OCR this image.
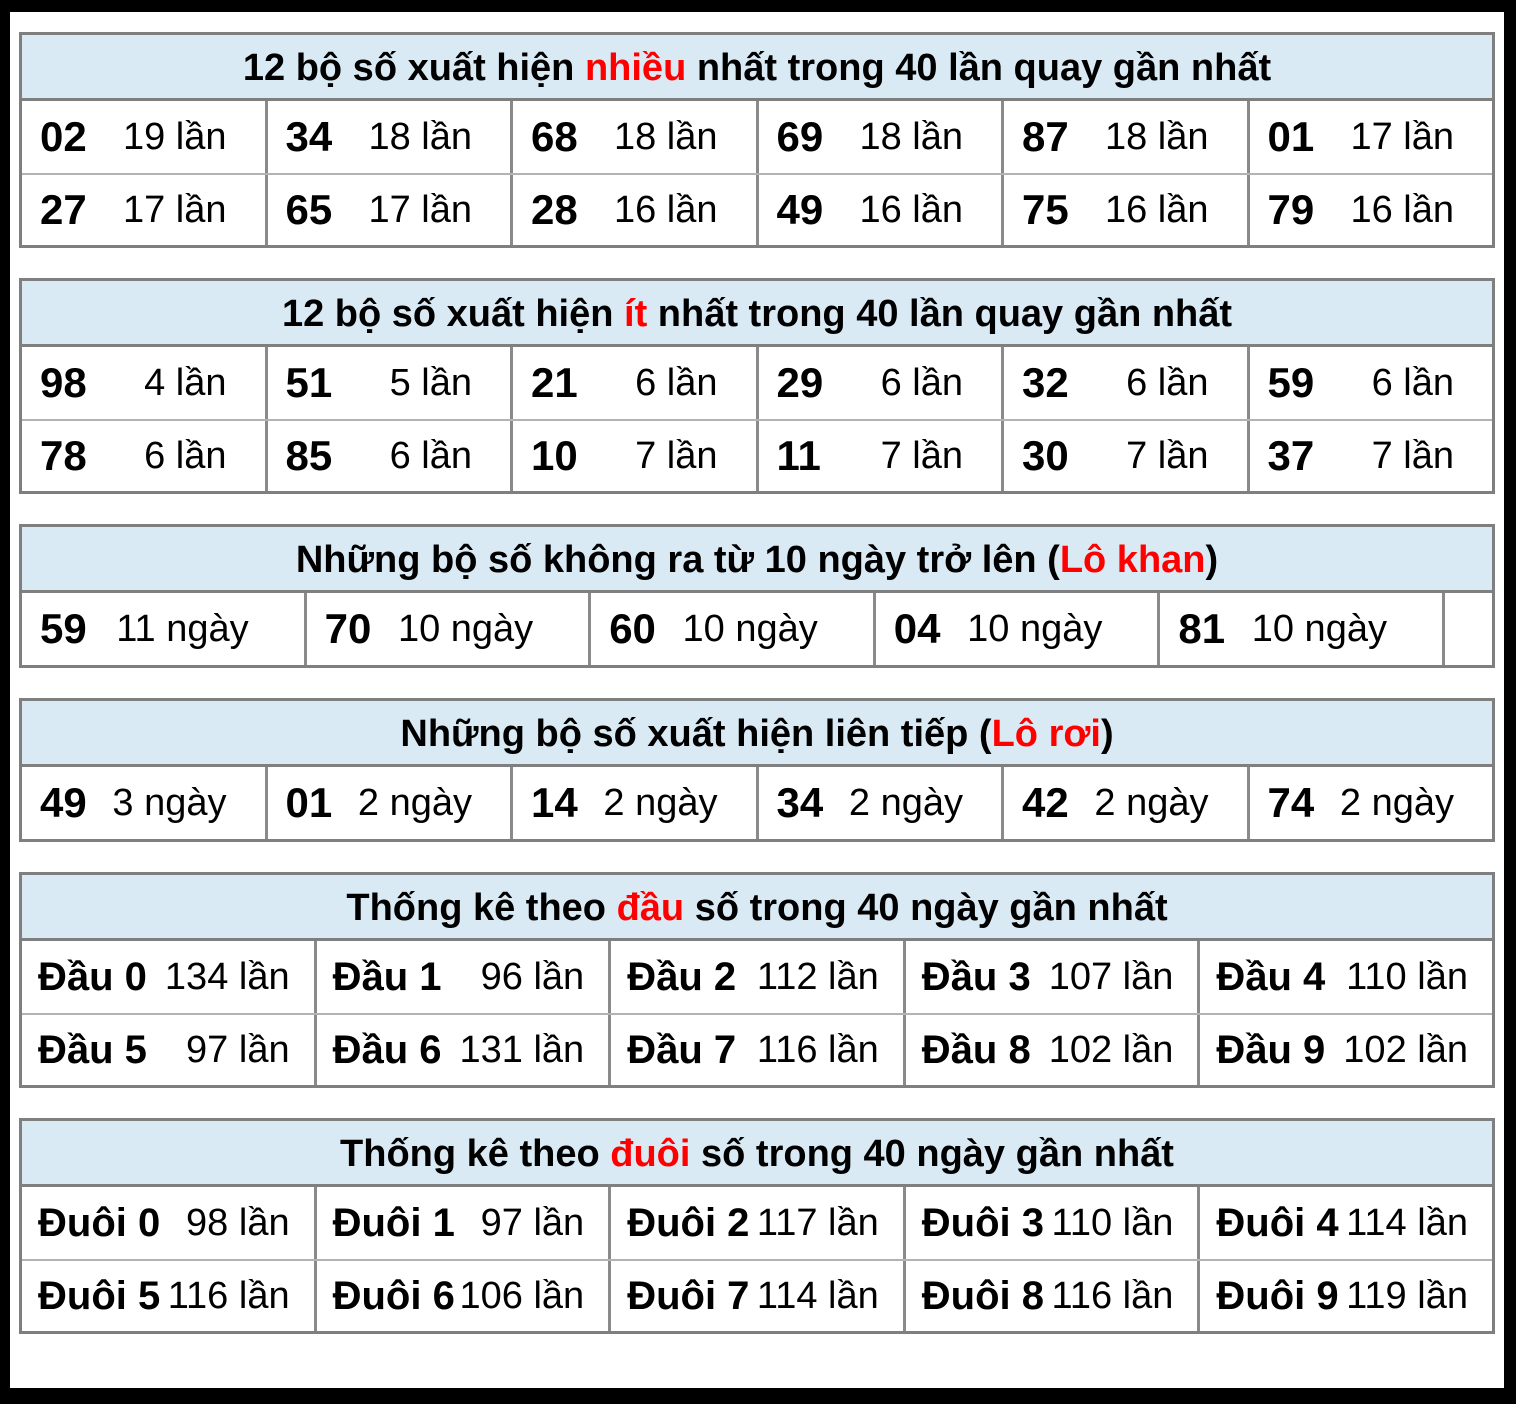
12 bộ số xuất hiện nhiều nhất trong 40 lần quay gần nhất
02 19 lần 34 18 lần 68 18 lần 69 18 lần 87 18 lần 01 17 lần
27 17 lần 65 17 lần 28 16 lần 49 16 lần 75 16 lần 79 16 lần
12 bộ số xuất hiện ít nhất trong 40 lần quay gần nhất
98 4 lần 51 5 lần 21 6 lần 29 6 lần 32 6 lần 59 6 lần
78 6 lần 85 6 lần 10 7 lần 11 7 lần 30 7 lần 37 7 lần
Những bộ số không ra từ 10 ngày trở lên (Lô khan)
59 11 ngày 70 10 ngày 60 10 ngày 04 10 ngày 81 10 ngày
Những bộ số xuất hiện liên tiếp (Lô rơi)
49 3 ngày 01 2 ngày 14 2 ngày 34 2 ngày 42 2 ngày 74 2 ngày
Thống kê theo đầu số trong 40 ngày gần nhất
Đầu 0 134 lần Đầu 1 96 lần Đầu 2 112 lần Đầu 3 107 lần Đầu 4 110 lần
Đầu 5 97 lần Đầu 6 131 lần Đầu 7 116 lần Đầu 8 102 lần Đầu 9 102 lần
Thống kê theo đuôi số trong 40 ngày gần nhất
Đuôi 0 98 lần Đuôi 1 97 lần Đuôi 2 117 lần Đuôi 3 110 lần Đuôi 4 114 lần
Đuôi 5 116 lần Đuôi 6 106 lần Đuôi 7 114 lần Đuôi 8 116 lần Đuôi 9 119 lần
